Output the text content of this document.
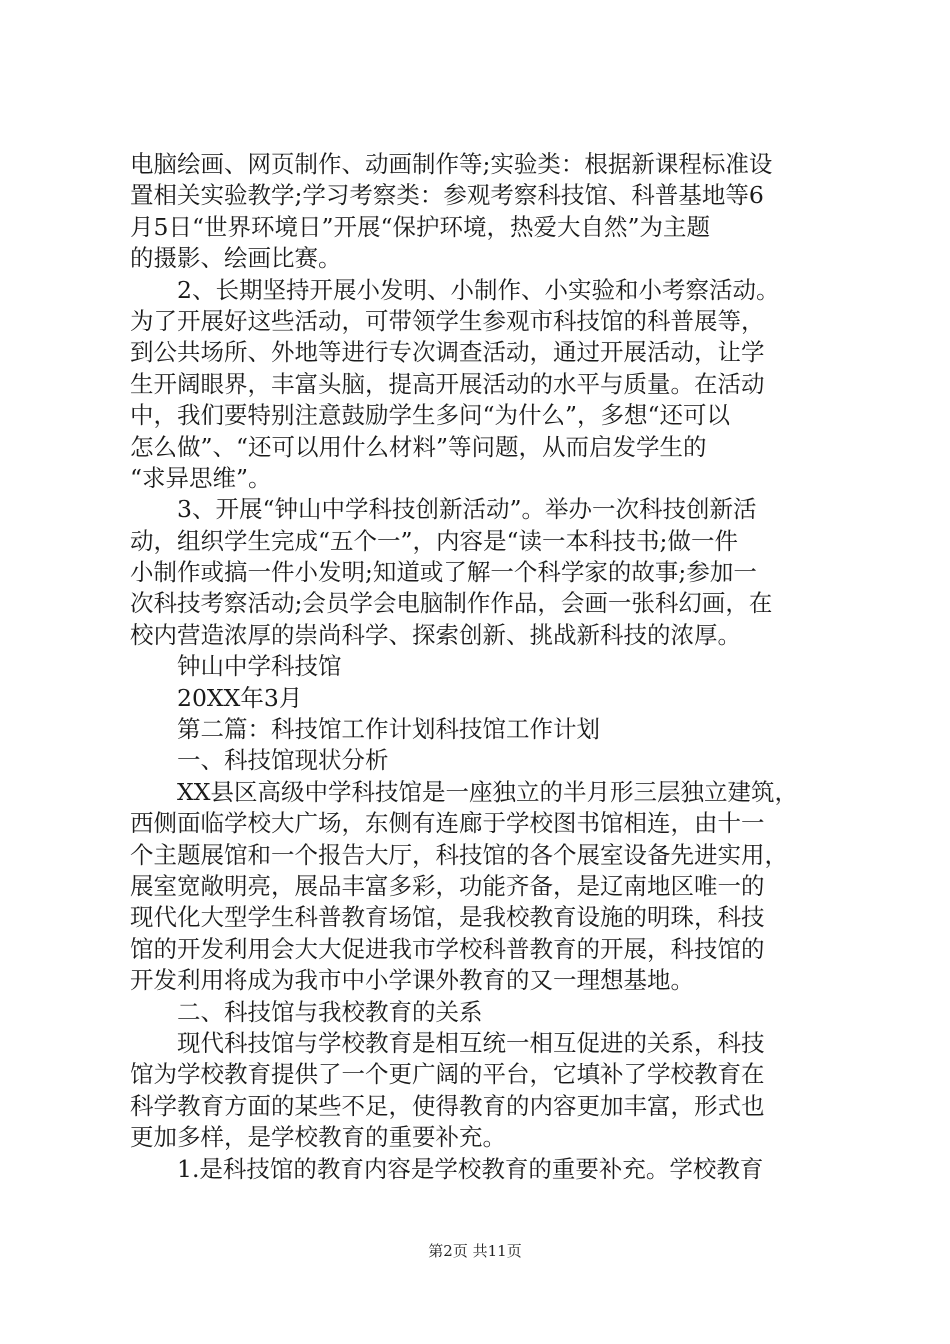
电脑绘画、网页制作、动画制作等;实验类：根据新课程标准设
置相关实验教学;学习考察类：参观考察科技馆、科普基地等6
月5日“世界环境日”开展“保护环境，热爱大自然”为主题
的摄影、绘画比赛。
2、长期坚持开展小发明、小制作、小实验和小考察活动。
为了开展好这些活动，可带领学生参观市科技馆的科普展等，
到公共场所、外地等进行专次调查活动，通过开展活动，让学
生开阔眼界，丰富头脑，提高开展活动的水平与质量。在活动
中，我们要特别注意鼓励学生多问“为什么”，多想“还可以
怎么做”、“还可以用什么材料”等问题，从而启发学生的
“求异思维”。
3、开展“钟山中学科技创新活动”。举办一次科技创新活
动，组织学生完成“五个一”，内容是“读一本科技书;做一件
小制作或搞一件小发明;知道或了解一个科学家的故事;参加一
次科技考察活动;会员学会电脑制作作品，会画一张科幻画，在
校内营造浓厚的崇尚科学、探索创新、挑战新科技的浓厚。
钟山中学科技馆
20XX年3月
第二篇：科技馆工作计划科技馆工作计划
一、科技馆现状分析
XX县区高级中学科技馆是一座独立的半月形三层独立建筑，
西侧面临学校大广场，东侧有连廊于学校图书馆相连，由十一
个主题展馆和一个报告大厅，科技馆的各个展室设备先进实用，
展室宽敞明亮，展品丰富多彩，功能齐备，是辽南地区唯一的
现代化大型学生科普教育场馆，是我校教育设施的明珠，科技
馆的开发利用会大大促进我市学校科普教育的开展，科技馆的
开发利用将成为我市中小学课外教育的又一理想基地。
二、科技馆与我校教育的关系
现代科技馆与学校教育是相互统一相互促进的关系，科技
馆为学校教育提供了一个更广阔的平台，它填补了学校教育在
科学教育方面的某些不足，使得教育的内容更加丰富，形式也
更加多样，是学校教育的重要补充。
1.是科技馆的教育内容是学校教育的重要补充。学校教育
第2页 共11页
